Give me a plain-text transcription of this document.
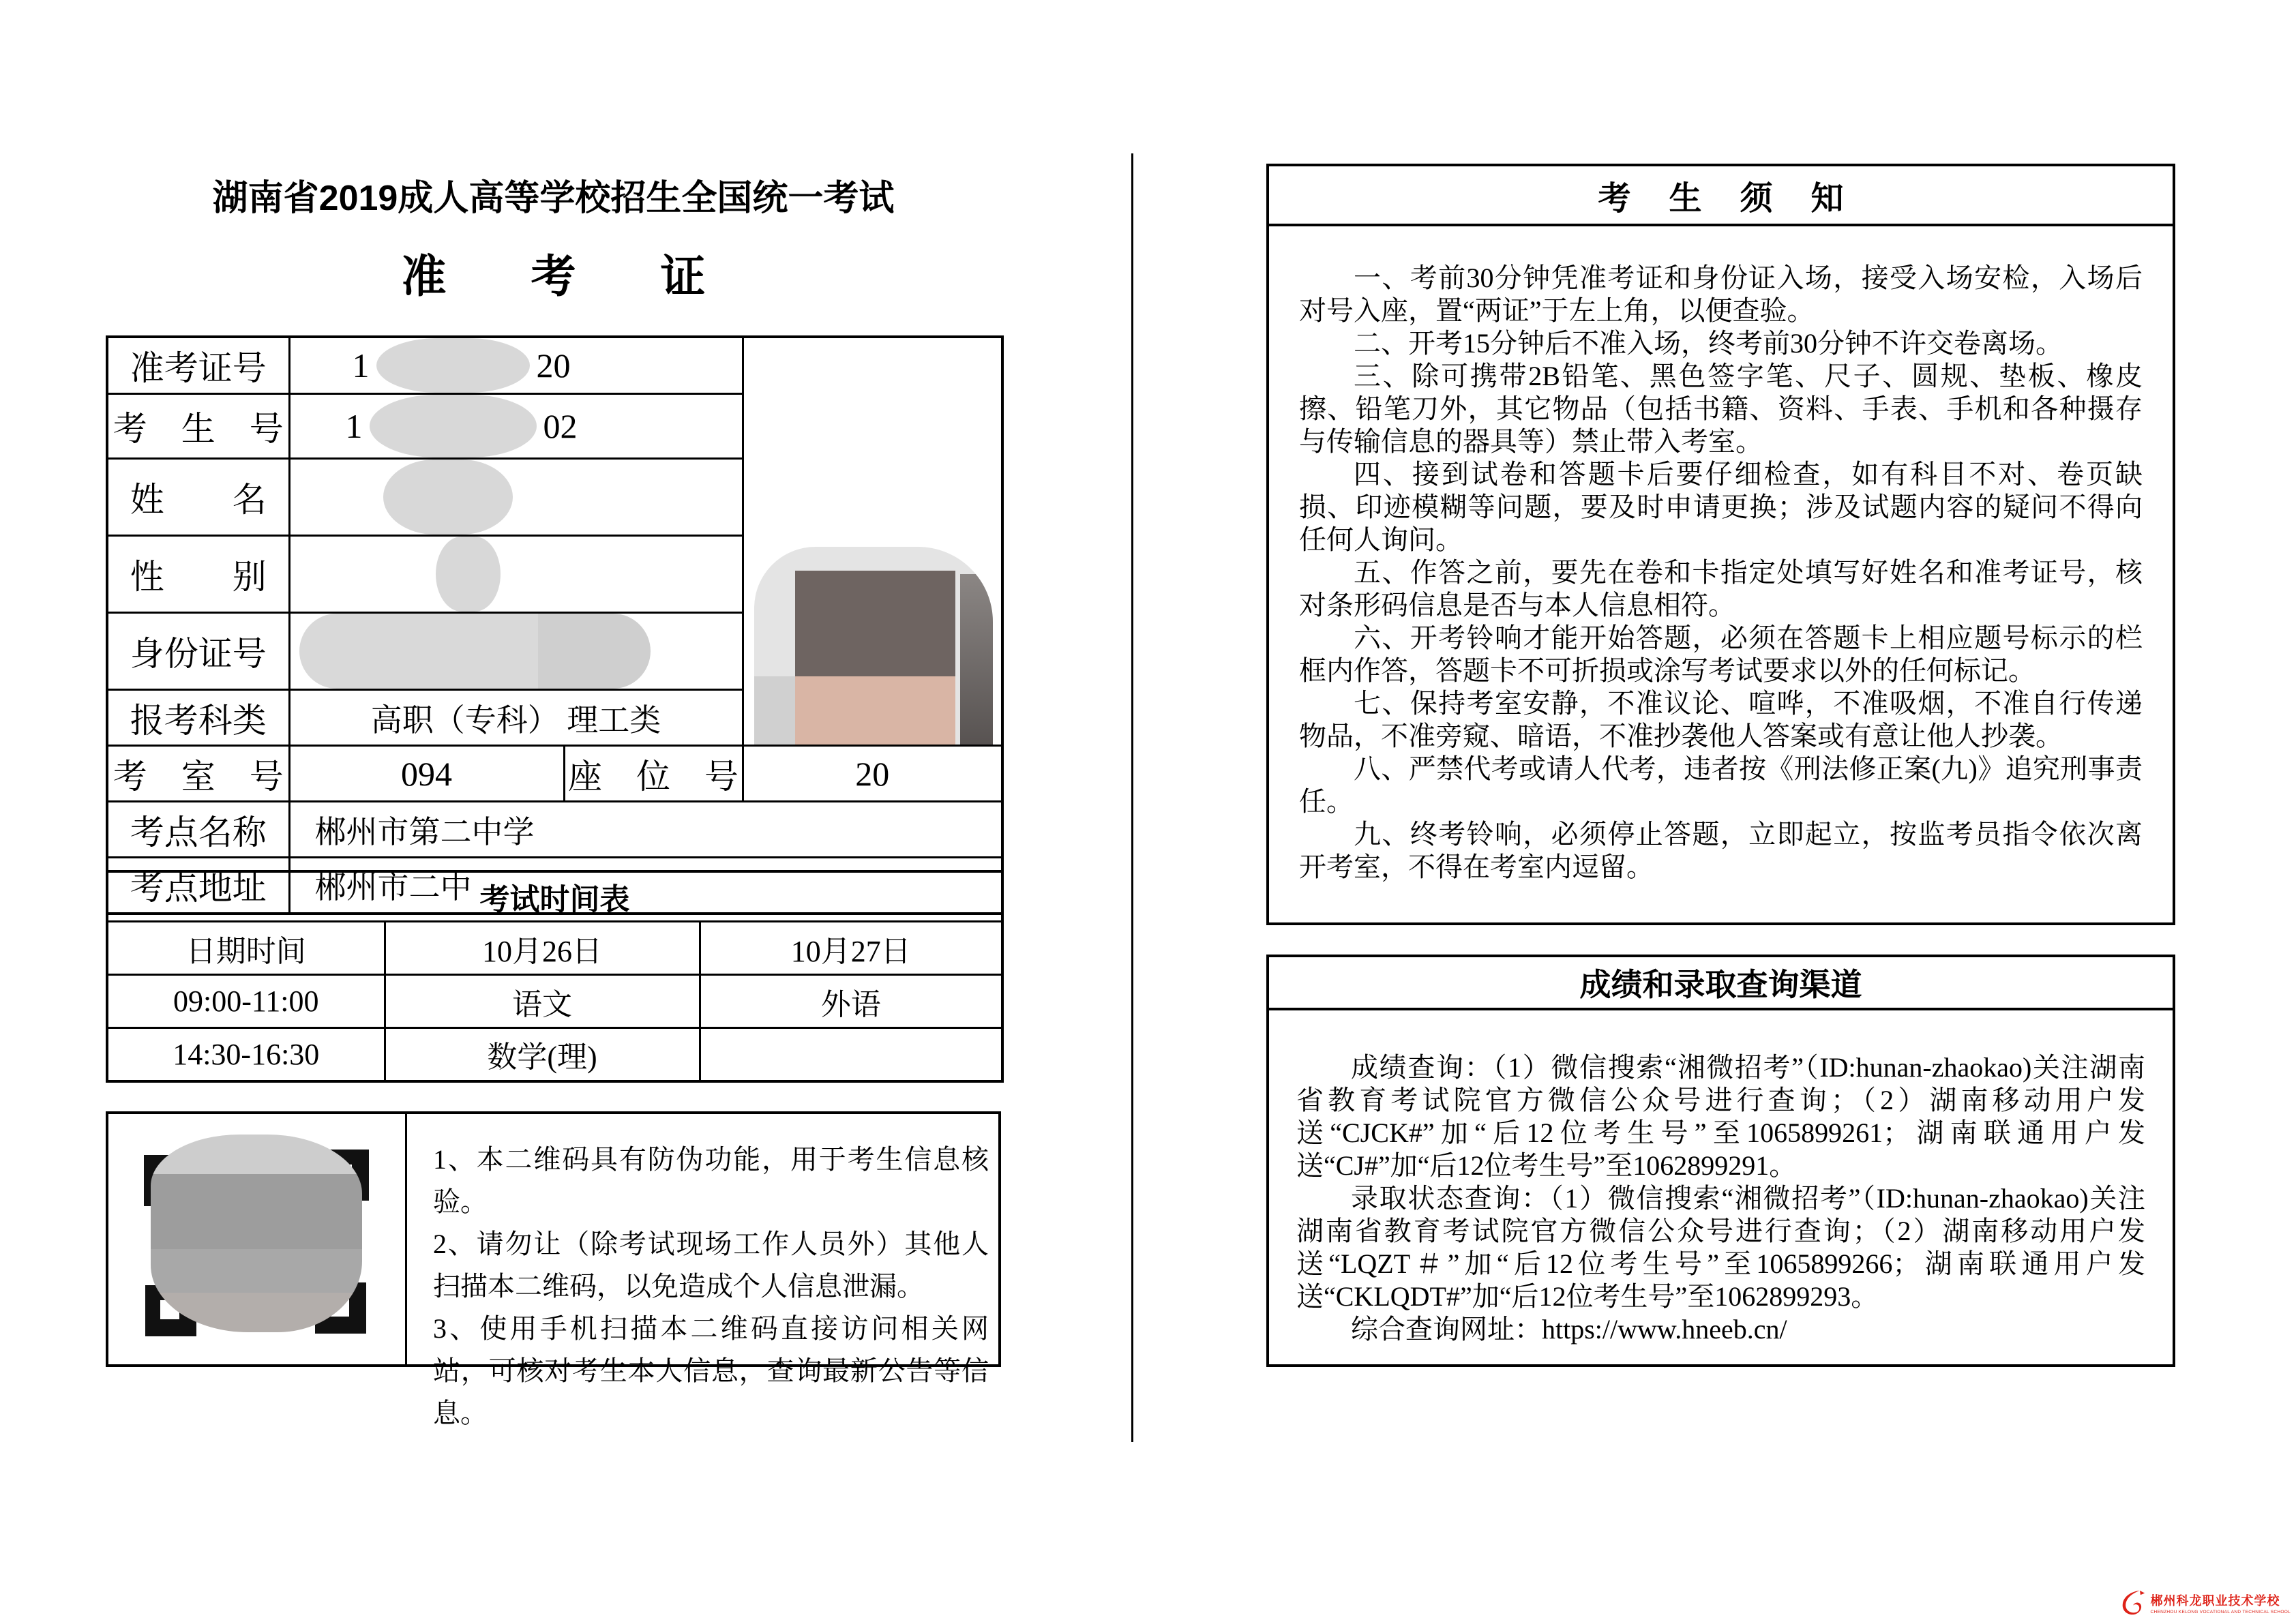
湖南省2019成人高等学校招生全国统一考试
准考证
准考证号	1 20		

考　生　号	1 02		

姓　　名			

性　　别			

身份证号			

报考科类	高职（专科） 理工类		
考　室　号	094	座　位　号	20
考点名称	郴州市第二中学		
考点地址	郴州市二中		考试时间表		
日期时间	10月26日	10月27日
09:00-11:00	语文	外语
14:30-16:30	数学(理)	
1、本二维码具有防伪功能，用于考生信息核验。
2、请勿让（除考试现场工作人员外）其他人扫描本二维码，以免造成个人信息泄漏。
3、使用手机扫描本二维码直接访问相关网站，可核对考生本人信息，查询最新公告等信息。
考生须知

一、考前30分钟凭准考证和身份证入场，接受入场安检，入场后对号入座，置“两证”于左上角，以便查验。

二、开考15分钟后不准入场，终考前30分钟不许交卷离场。

三、除可携带2B铅笔、黑色签字笔、尺子、圆规、垫板、橡皮擦、铅笔刀外，其它物品（包括书籍、资料、手表、手机和各种摄存与传输信息的器具等）禁止带入考室。

四、接到试卷和答题卡后要仔细检查，如有科目不对、卷页缺损、印迹模糊等问题，要及时申请更换；涉及试题内容的疑问不得向任何人询问。

五、作答之前，要先在卷和卡指定处填写好姓名和准考证号，核对条形码信息是否与本人信息相符。

六、开考铃响才能开始答题，必须在答题卡上相应题号标示的栏框内作答，答题卡不可折损或涂写考试要求以外的任何标记。

七、保持考室安静，不准议论、喧哗，不准吸烟，不准自行传递物品，不准旁窥、暗语，不准抄袭他人答案或有意让他人抄袭。

八、严禁代考或请人代考，违者按《刑法修正案(九)》追究刑事责任。

九、终考铃响，必须停止答题，立即起立，按监考员指令依次离开考室，不得在考室内逗留。

成绩和录取查询渠道

成绩查询：（1）微信搜索“湘微招考”（ID:hunan-zhaokao)关注湖南省教育考试院官方微信公众号进行查询；（2）湖南移动用户发送“CJCK#”加“后12位考生号”至1065899261；湖南联通用户发送“CJ#”加“后12位考生号”至1062899291。

录取状态查询：（1）微信搜索“湘微招考”（ID:hunan-zhaokao)关注湖南省教育考试院官方微信公众号进行查询；（2）湖南移动用户发送“LQZT＃”加“后12位考生号”至1065899266；湖南联通用户发送“CKLQDT#”加“后12位考生号”至1062899293。

综合查询网址：https://www.hneeb.cn/

郴州科龙职业技术学校
CHENZHOU KELONG VOCATIONAL AND TECHNICAL SCHOOL
